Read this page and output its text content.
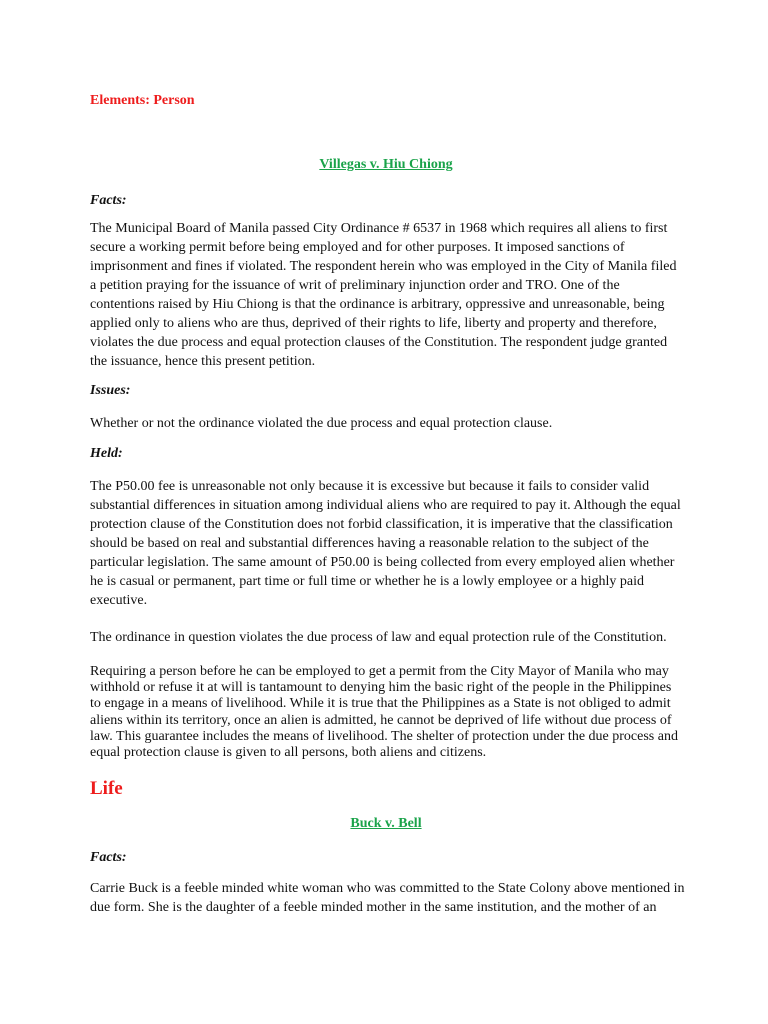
Elements: Person
Villegas v. Hiu Chiong
Facts:
The Municipal Board of Manila passed City Ordinance # 6537 in 1968 which requires all aliens to first
secure a working permit before being employed and for other purposes. It imposed sanctions of
imprisonment and fines if violated. The respondent herein who was employed in the City of Manila filed
a petition praying for the issuance of writ of preliminary injunction order and TRO. One of the
contentions raised by Hiu Chiong is that the ordinance is arbitrary, oppressive and unreasonable, being
applied only to aliens who are thus, deprived of their rights to life, liberty and property and therefore,
violates the due process and equal protection clauses of the Constitution. The respondent judge granted
the issuance, hence this present petition.
Issues:
Whether or not the ordinance violated the due process and equal protection clause.
Held:
The P50.00 fee is unreasonable not only because it is excessive but because it fails to consider valid
substantial differences in situation among individual aliens who are required to pay it. Although the equal
protection clause of the Constitution does not forbid classification, it is imperative that the classification
should be based on real and substantial differences having a reasonable relation to the subject of the
particular legislation. The same amount of P50.00 is being collected from every employed alien whether
he is casual or permanent, part time or full time or whether he is a lowly employee or a highly paid
executive.
The ordinance in question violates the due process of law and equal protection rule of the Constitution.
Requiring a person before he can be employed to get a permit from the City Mayor of Manila who may
withhold or refuse it at will is tantamount to denying him the basic right of the people in the Philippines
to engage in a means of livelihood. While it is true that the Philippines as a State is not obliged to admit
aliens within its territory, once an alien is admitted, he cannot be deprived of life without due process of
law. This guarantee includes the means of livelihood. The shelter of protection under the due process and
equal protection clause is given to all persons, both aliens and citizens.
Life
Buck v. Bell
Facts:
Carrie Buck is a feeble minded white woman who was committed to the State Colony above mentioned in
due form. She is the daughter of a feeble minded mother in the same institution, and the mother of an
